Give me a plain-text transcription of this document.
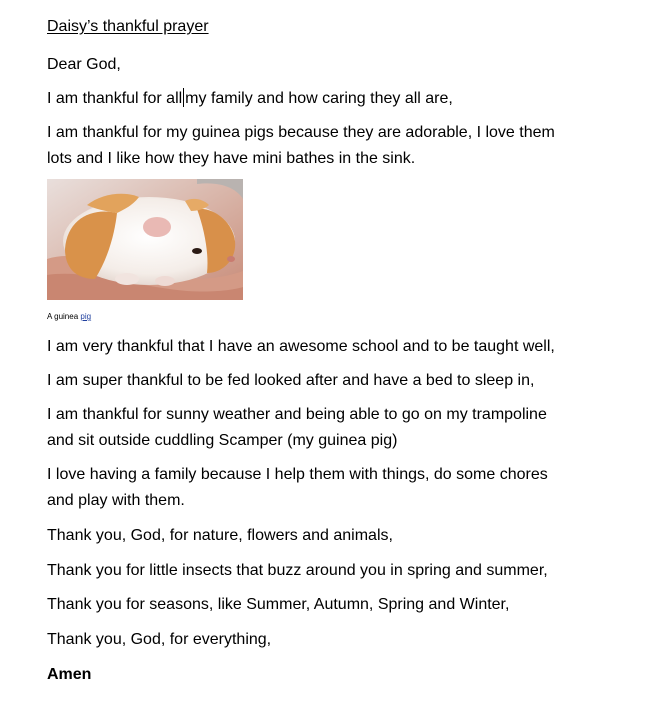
Daisy’s thankful prayer
Dear God,
I am thankful for all my family and how caring they all are,
I am thankful for my guinea pigs because they are adorable, I love them
lots and I like how they have mini bathes in the sink.
A guinea pig
I am very thankful that I have an awesome school and to be taught well,
I am super thankful to be fed looked after and have a bed to sleep in,
I am thankful for sunny weather and being able to go on my trampoline
and sit outside cuddling Scamper (my guinea pig)
I love having a family because I help them with things, do some chores
and play with them.
Thank you, God, for nature, flowers and animals,
Thank you for little insects that buzz around you in spring and summer,
Thank you for seasons, like Summer, Autumn, Spring and Winter,
Thank you, God, for everything,
Amen
